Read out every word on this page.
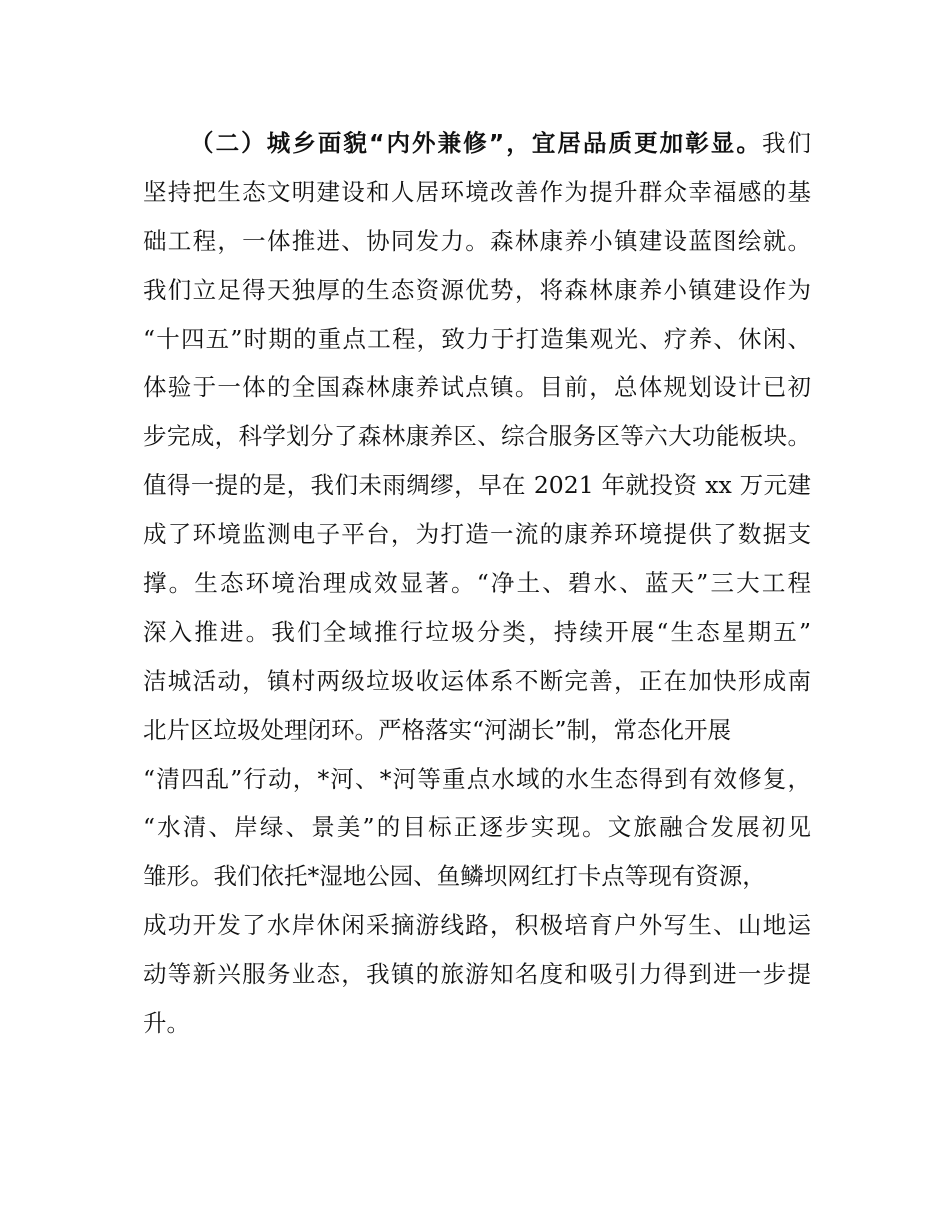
（二）城乡面貌“内外兼修”，宜居品质更加彰显。我们
坚持把生态文明建设和人居环境改善作为提升群众幸福感的基
础工程，一体推进、协同发力。森林康养小镇建设蓝图绘就。
我们立足得天独厚的生态资源优势，将森林康养小镇建设作为
“十四五”时期的重点工程，致力于打造集观光、疗养、休闲、
体验于一体的全国森林康养试点镇。目前，总体规划设计已初
步完成，科学划分了森林康养区、综合服务区等六大功能板块。
值得一提的是，我们未雨绸缪，早在 2021 年就投资 xx 万元建
成了环境监测电子平台，为打造一流的康养环境提供了数据支
撑。生态环境治理成效显著。“净土、碧水、蓝天”三大工程
深入推进。我们全域推行垃圾分类，持续开展“生态星期五”
洁城活动，镇村两级垃圾收运体系不断完善，正在加快形成南
北片区垃圾处理闭环。严格落实“河湖长”制，常态化开展
“清四乱”行动，*河、*河等重点水域的水生态得到有效修复，
“水清、岸绿、景美”的目标正逐步实现。文旅融合发展初见
雏形。我们依托*湿地公园、鱼鳞坝网红打卡点等现有资源，
成功开发了水岸休闲采摘游线路，积极培育户外写生、山地运
动等新兴服务业态，我镇的旅游知名度和吸引力得到进一步提
升。
